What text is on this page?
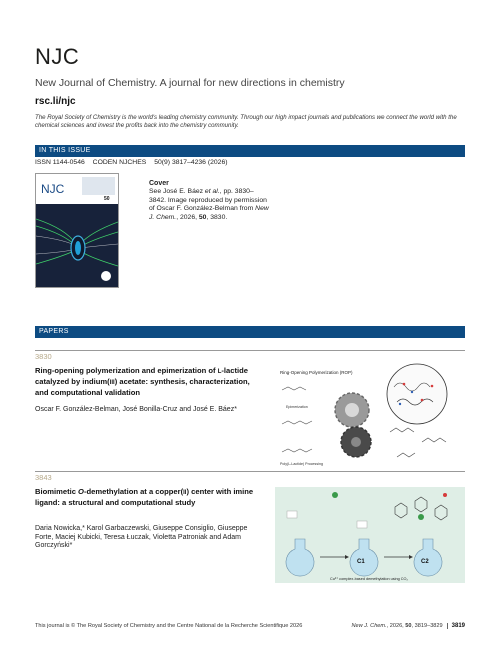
NJC
New Journal of Chemistry. A journal for new directions in chemistry
rsc.li/njc
The Royal Society of Chemistry is the world's leading chemistry community. Through our high impact journals and publications we connect the world with the chemical sciences and invest the profits back into the chemistry community.
IN THIS ISSUE
ISSN 1144-0546 CODEN NJCHES 50(9) 3817–4236 (2026)
NJC
50
Cover
See José E. Báez et al., pp. 3830–3842. Image reproduced by permission of Oscar F. González-Belman from New J. Chem., 2026, 50, 3830.
PAPERS
3830
Ring-opening polymerization and epimerization of L-lactide catalyzed by indium(III) acetate: synthesis, characterization, and computational validation
Oscar F. González-Belman, José Bonilla-Cruz and José E. Báez*
Ring-Opening Polymerization (ROP)
Epimerization
Poly(L-Lactide) Processing
3843
Biomimetic O-demethylation at a copper(II) center with imine ligand: a structural and computational study
Daria Nowicka,* Karol Garbaczewski, Giuseppe Consiglio, Giuseppe Forte, Maciej Kubicki, Teresa Łuczak, Violetta Patroniak and Adam Gorczyński*
C1	C2
Cu²⁺ complex-based demethylation using CO₂
This journal is © The Royal Society of Chemistry and the Centre National de la Recherche Scientifique 2026	New J. Chem., 2026, 50, 3819–3829 3819
